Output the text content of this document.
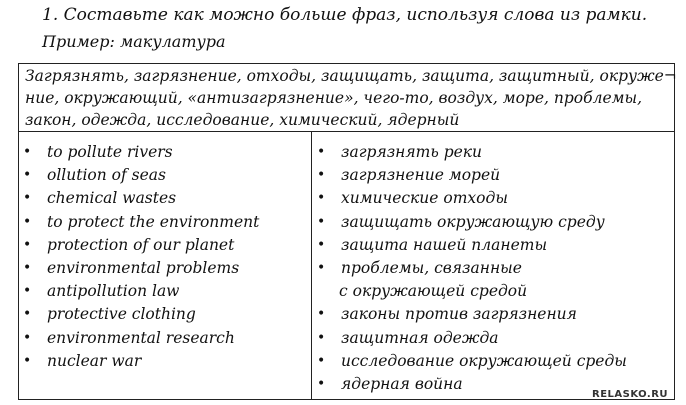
1. Составьте как можно больше фраз, используя слова из рамки.
Пример: макулатура
Загрязнять, загрязнение, отходы, защищать, защита, защитный, окруже¬
ние, окружающий, «антизагрязнение», чего-то, воздух, море, проблемы,
закон, одежда, исследование, химический, ядерный
• to pollute rivers
• ollution of seas
• chemical wastes
• to protect the environment
• protection of our planet
• environmental problems
• antipollution law
• protective clothing
• environmental research
• nuclear war
• загрязнять реки
• загрязнение морей
• химические отходы
• защищать окружающую среду
• защита нашей планеты
• проблемы, связанные
с окружающей средой
• законы против загрязнения
• защитная одежда
• исследование окружающей среды
• ядерная война
RELASKO.RU
